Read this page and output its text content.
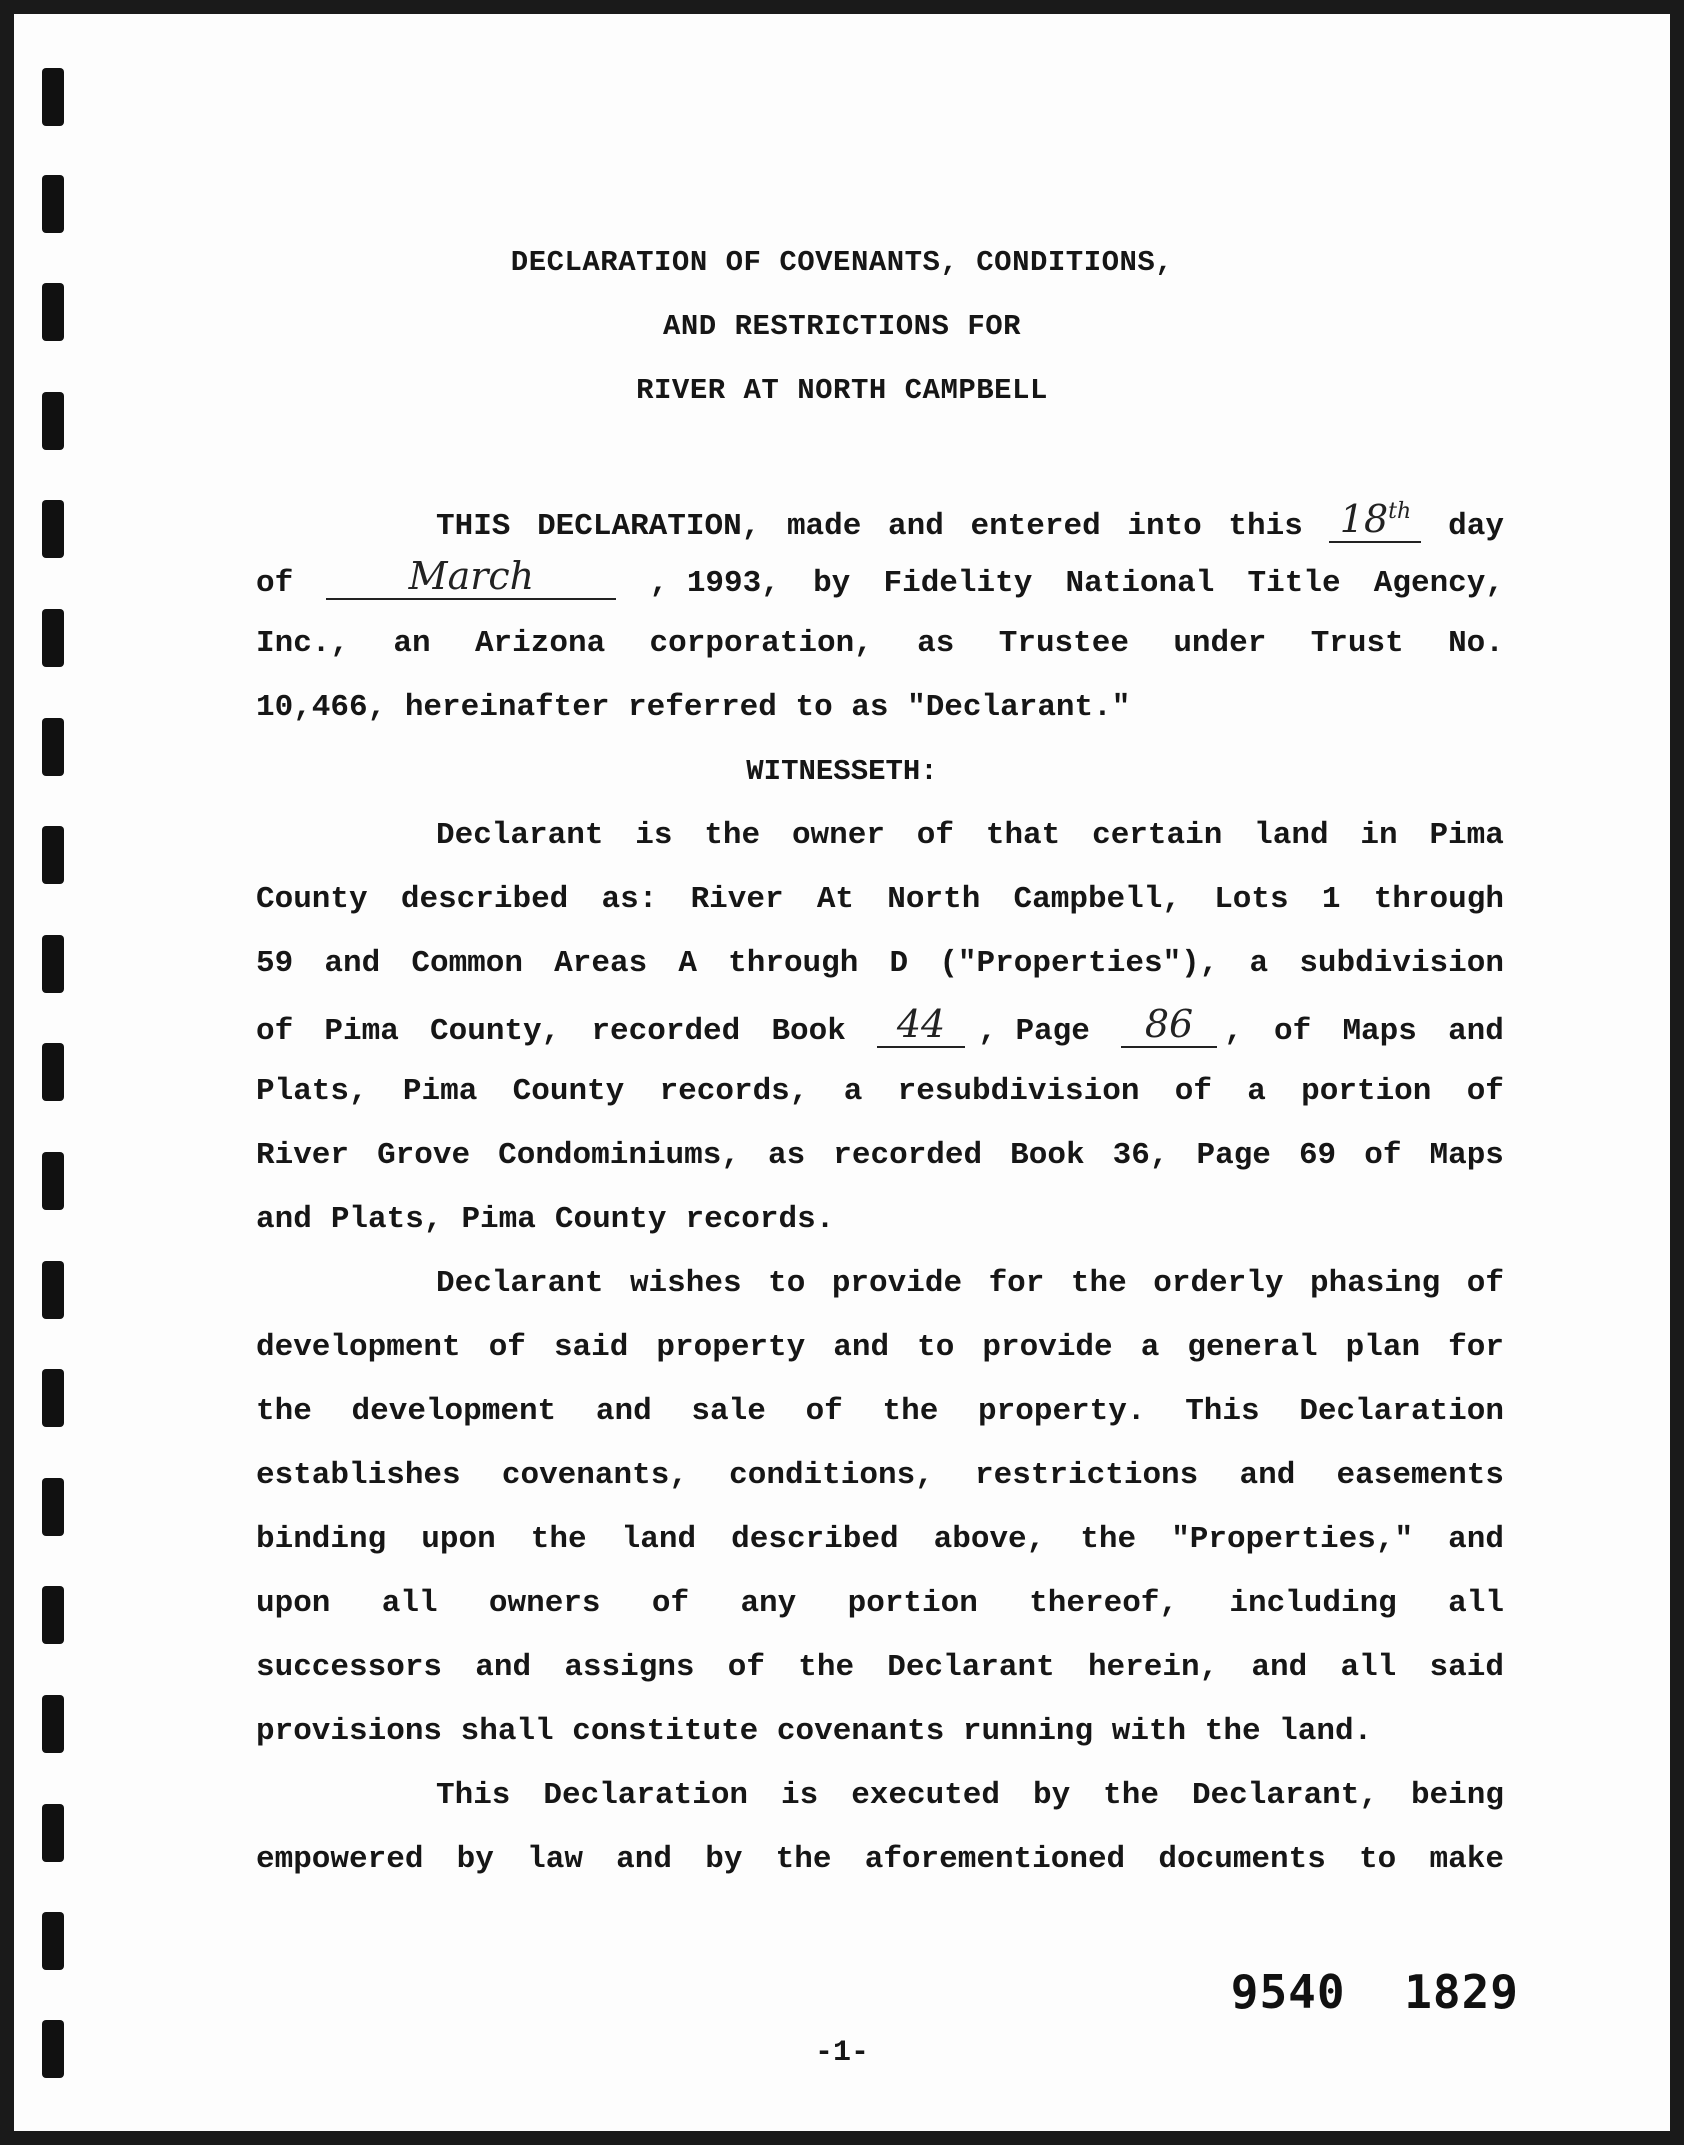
DECLARATION OF COVENANTS, CONDITIONS,
AND RESTRICTIONS FOR
RIVER AT NORTH CAMPBELL
THIS DECLARATION, made and entered into this 18th	day
of	March	, 1993, by Fidelity National Title Agency,
Inc., an Arizona corporation, as Trustee under Trust No.
10,466, hereinafter referred to as "Declarant."
WITNESSETH:
Declarant is the owner of that certain land in Pima
County described as: River At North Campbell, Lots 1 through
59 and Common Areas A through D ("Properties"), a subdivision
of Pima County, recorded Book	44	, Page	86	, of Maps and
Plats, Pima County records, a resubdivision of a portion of
River Grove Condominiums, as recorded Book 36, Page 69 of Maps
and Plats, Pima County records.
Declarant wishes to provide for the orderly phasing of
development of said property and to provide a general plan for
the development and sale of the property. This Declaration
establishes covenants, conditions, restrictions and easements
binding upon the land described above, the "Properties," and
upon all owners of any portion thereof, including all
successors and assigns of the Declarant herein, and all said
provisions shall constitute covenants running with the land.
This Declaration is executed by the Declarant, being
empowered by law and by the aforementioned documents to make
9540 1829
-1-
